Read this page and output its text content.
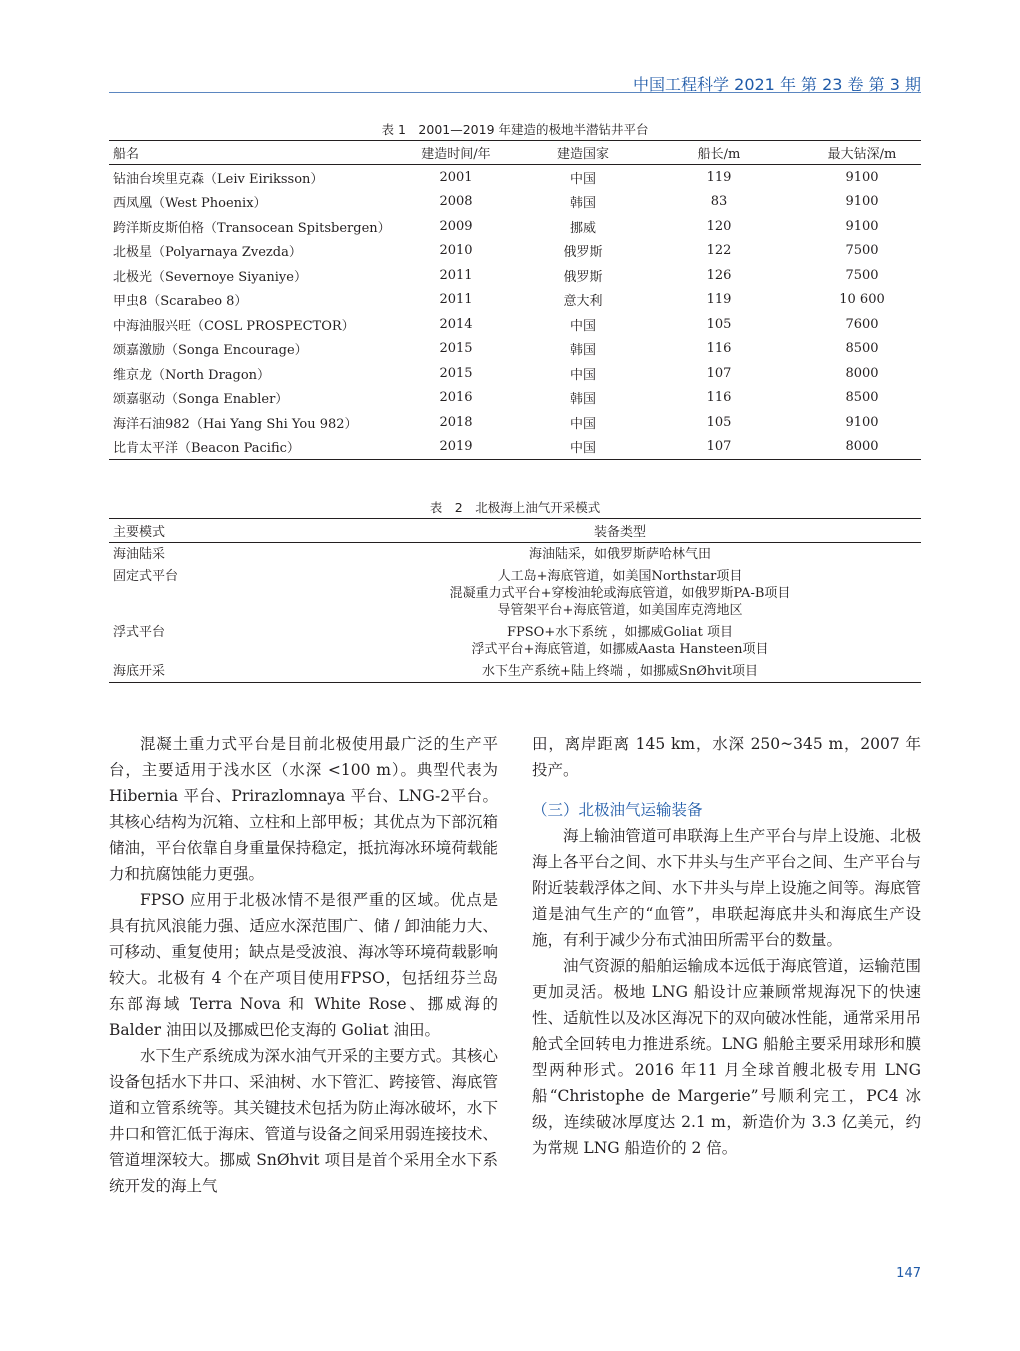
中国工程科学 2021 年 第 23 卷 第 3 期
表 1　2001—2019 年建造的极地半潜钻井平台
船名	建造时间/年	建造国家	船长/m	最大钻深/m
钻油台埃里克森（Leiv Eiriksson）	2001	中国	119	9100
西凤凰（West Phoenix）	2008	韩国	83	9100
跨洋斯皮斯伯格（Transocean Spitsbergen）	2009	挪威	120	9100
北极星（Polyarnaya Zvezda）	2010	俄罗斯	122	7500
北极光（Severnoye Siyaniye）	2011	俄罗斯	126	7500
甲虫8（Scarabeo 8）	2011	意大利	119	10 600
中海油服兴旺（COSL PROSPECTOR）	2014	中国	105	7600
颂嘉激励（Songa Encourage）	2015	韩国	116	8500
维京龙（North Dragon）	2015	中国	107	8000
颂嘉驱动（Songa Enabler）	2016	韩国	116	8500
海洋石油982（Hai Yang Shi You 982）	2018	中国	105	9100
比肯太平洋（Beacon Pacific）	2019	中国	107	8000
表　2　北极海上油气开采模式
主要模式	装备类型
海油陆采	海油陆采，如俄罗斯萨哈林气田

固定式平台	人工岛+海底管道，如美国Northstar项目
混凝重力式平台+穿梭油轮或海底管道，如俄罗斯PA-B项目
导管架平台+海底管道，如美国库克湾地区

浮式平台	FPSO+水下系统 ，如挪威Goliat 项目
浮式平台+海底管道，如挪威Aasta Hansteen项目

海底开采	水下生产系统+陆上终端 ，如挪威SnØhvit项目

混凝土重力式平台是目前北极使用最广泛的生产平台，主要适用于浅水区（水深 <100 m）。典型代表为 Hibernia 平台、Prirazlomnaya 平台、LNG-2平台。其核心结构为沉箱、立柱和上部甲板；其优点为下部沉箱储油，平台依靠自身重量保持稳定，抵抗海冰环境荷载能力和抗腐蚀能力更强。

FPSO 应用于北极冰情不是很严重的区域。优点是具有抗风浪能力强、适应水深范围广、储 / 卸油能力大、可移动、重复使用；缺点是受波浪、海冰等环境荷载影响较大。北极有 4 个在产项目使用FPSO，包括纽芬兰岛东部海域 Terra Nova 和 White Rose、挪威海的 Balder 油田以及挪威巴伦支海的 Goliat 油田。

水下生产系统成为深水油气开采的主要方式。其核心设备包括水下井口、采油树、水下管汇、跨接管、海底管道和立管系统等。其关键技术包括为防止海冰破坏，水下井口和管汇低于海床、管道与设备之间采用弱连接技术、管道埋深较大。挪威 SnØhvit 项目是首个采用全水下系统开发的海上气

田，离岸距离 145 km，水深 250~345 m，2007 年投产。

（三）北极油气运输装备

海上输油管道可串联海上生产平台与岸上设施、北极海上各平台之间、水下井头与生产平台之间、生产平台与附近装载浮体之间、水下井头与岸上设施之间等。海底管道是油气生产的“血管”，串联起海底井头和海底生产设施，有利于减少分布式油田所需平台的数量。

油气资源的船舶运输成本远低于海底管道，运输范围更加灵活。极地 LNG 船设计应兼顾常规海况下的快速性、适航性以及冰区海况下的双向破冰性能，通常采用吊舱式全回转电力推进系统。LNG 船舱主要采用球形和膜型两种形式。2016 年11 月全球首艘北极专用 LNG 船“Christophe de Margerie”号顺利完工，PC4 冰级，连续破冰厚度达 2.1 m，新造价为 3.3 亿美元，约为常规 LNG 船造价的 2 倍。

147
